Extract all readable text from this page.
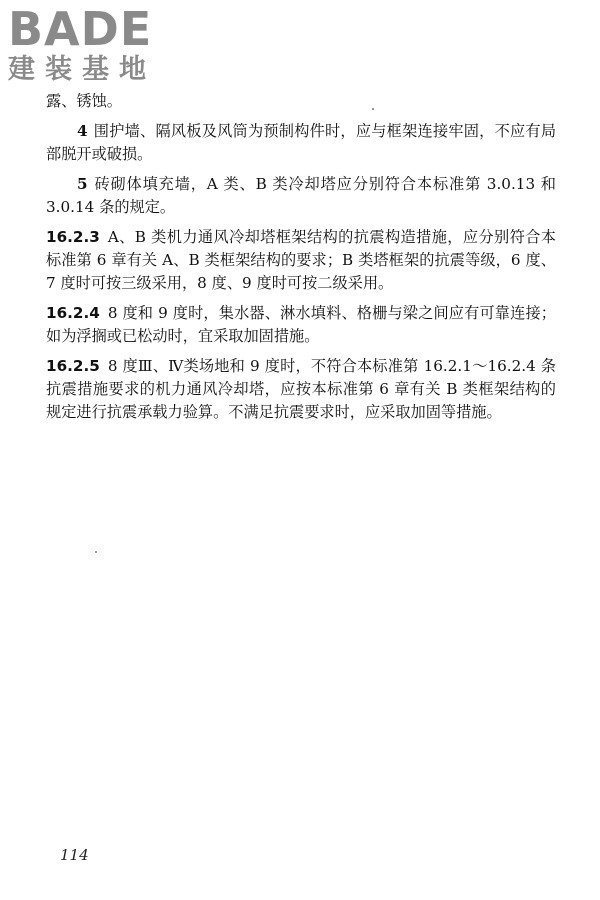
BADE
建装基地

露、锈蚀。

4 围护墙、隔风板及风筒为预制构件时，应与框架连接牢固，不应有局部脱开或破损。

5 砖砌体填充墙，A 类、B 类冷却塔应分别符合本标准第 3.0.13 和 3.0.14 条的规定。

16.2.3 A、B 类机力通风冷却塔框架结构的抗震构造措施，应分别符合本标准第 6 章有关 A、B 类框架结构的要求；B 类塔框架的抗震等级，6 度、7 度时可按三级采用，8 度、9 度时可按二级采用。

16.2.4 8 度和 9 度时，集水器、淋水填料、格栅与梁之间应有可靠连接；如为浮搁或已松动时，宜采取加固措施。

16.2.5 8 度Ⅲ、Ⅳ类场地和 9 度时，不符合本标准第 16.2.1～16.2.4 条抗震措施要求的机力通风冷却塔，应按本标准第 6 章有关 B 类框架结构的规定进行抗震承载力验算。不满足抗震要求时，应采取加固等措施。

114
